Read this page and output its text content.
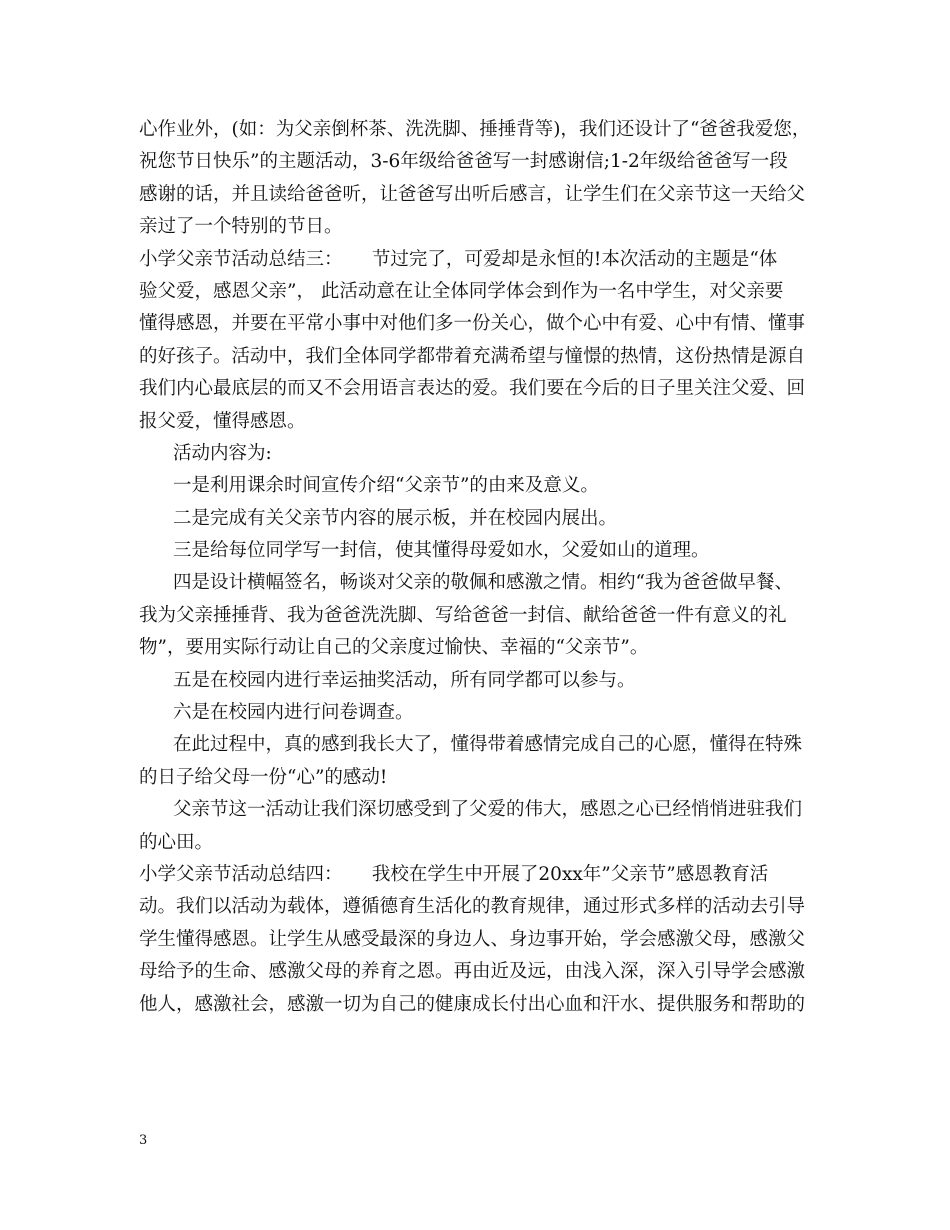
心作业外，(如：为父亲倒杯茶、洗洗脚、捶捶背等)，我们还设计了“爸爸我爱您，
祝您节日快乐”的主题活动，3-6年级给爸爸写一封感谢信;1-2年级给爸爸写一段
感谢的话，并且读给爸爸听，让爸爸写出听后感言，让学生们在父亲节这一天给父
亲过了一个特别的节日。
小学父亲节活动总结三：     节过完了，可爱却是永恒的!本次活动的主题是“体
验父爱，感恩父亲”， 此活动意在让全体同学体会到作为一名中学生，对父亲要
懂得感恩，并要在平常小事中对他们多一份关心，做个心中有爱、心中有情、懂事
的好孩子。活动中，我们全体同学都带着充满希望与憧憬的热情，这份热情是源自
我们内心最底层的而又不会用语言表达的爱。我们要在今后的日子里关注父爱、回
报父爱，懂得感恩。
活动内容为:
一是利用课余时间宣传介绍“父亲节”的由来及意义。
二是完成有关父亲节内容的展示板，并在校园内展出。
三是给每位同学写一封信，使其懂得母爱如水，父爱如山的道理。
四是设计横幅签名，畅谈对父亲的敬佩和感激之情。相约“我为爸爸做早餐、
我为父亲捶捶背、我为爸爸洗洗脚、写给爸爸一封信、献给爸爸一件有意义的礼
物”，要用实际行动让自己的父亲度过愉快、幸福的“父亲节”。
五是在校园内进行幸运抽奖活动，所有同学都可以参与。
六是在校园内进行问卷调查。
在此过程中，真的感到我长大了，懂得带着感情完成自己的心愿，懂得在特殊
的日子给父母一份“心”的感动!
父亲节这一活动让我们深切感受到了父爱的伟大，感恩之心已经悄悄进驻我们
的心田。
小学父亲节活动总结四：     我校在学生中开展了20xx年”父亲节”感恩教育活
动。我们以活动为载体，遵循德育生活化的教育规律，通过形式多样的活动去引导
学生懂得感恩。让学生从感受最深的身边人、身边事开始，学会感激父母，感激父
母给予的生命、感激父母的养育之恩。再由近及远，由浅入深，深入引导学会感激
他人，感激社会，感激一切为自己的健康成长付出心血和汗水、提供服务和帮助的
3
